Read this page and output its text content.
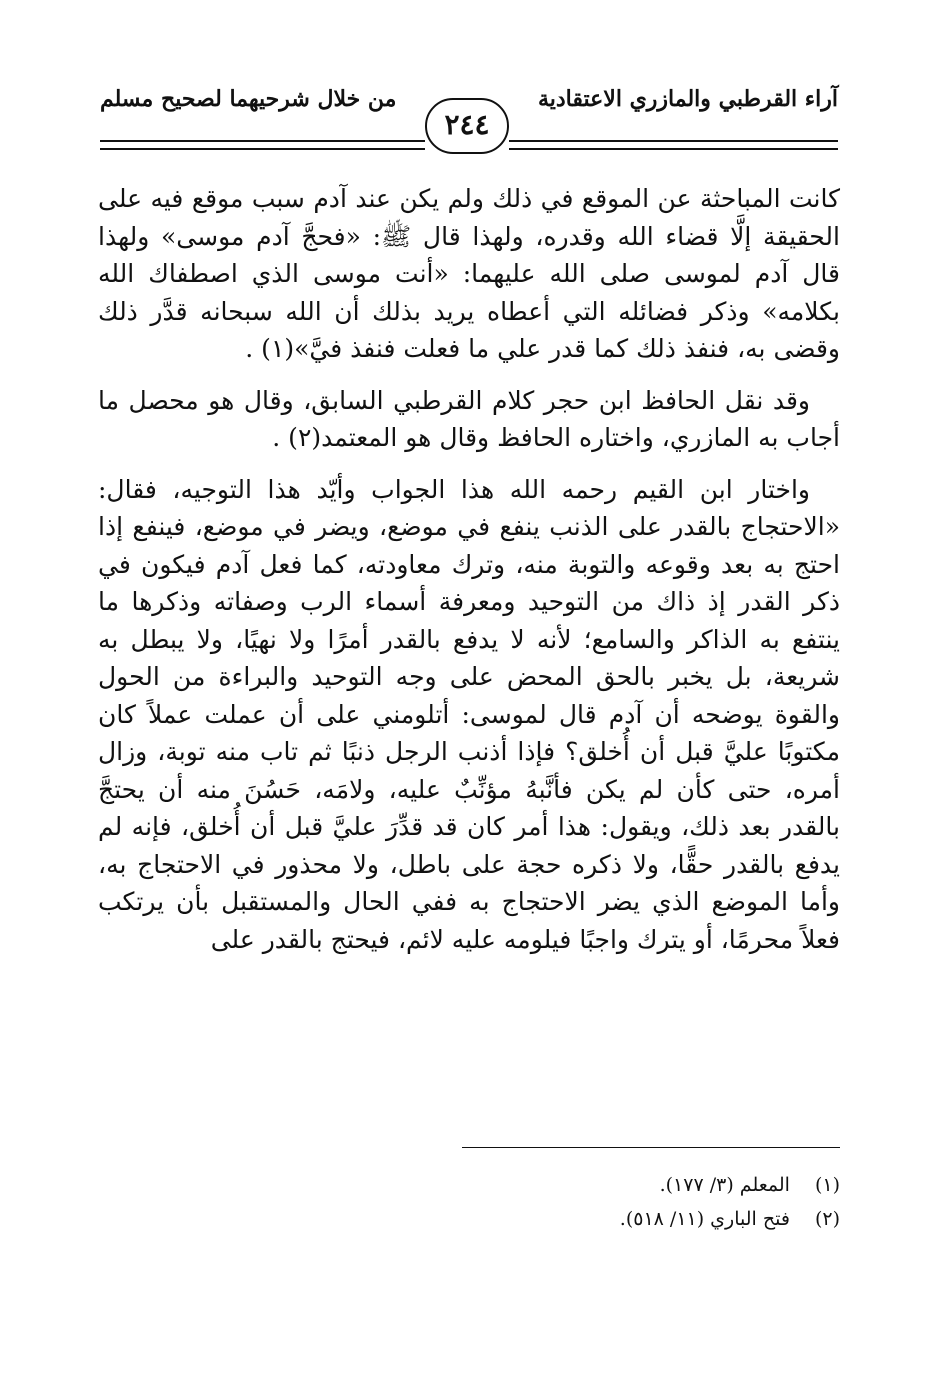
آراء القرطبي والمازري الاعتقادية
من خلال شرحيهما لصحيح مسلم
٢٤٤

كانت المباحثة عن الموقع في ذلك ولم يكن عند آدم سبب موقع فيه على الحقيقة إلَّا قضاء الله وقدره، ولهذا قال ﷺ: «فحجَّ آدم موسى» ولهذا قال آدم لموسى صلى الله عليهما: «أنت موسى الذي اصطفاك الله بكلامه» وذكر فضائله التي أعطاه يريد بذلك أن الله سبحانه قدَّر ذلك وقضى به، فنفذ ذلك كما قدر علي ما فعلت فنفذ فيَّ»(١) .

وقد نقل الحافظ ابن حجر كلام القرطبي السابق، وقال هو محصل ما أجاب به المازري، واختاره الحافظ وقال هو المعتمد(٢) .

واختار ابن القيم رحمه الله هذا الجواب وأيّد هذا التوجيه، فقال: «الاحتجاج بالقدر على الذنب ينفع في موضع، ويضر في موضع، فينفع إذا احتج به بعد وقوعه والتوبة منه، وترك معاودته، كما فعل آدم فيكون في ذكر القدر إذ ذاك من التوحيد ومعرفة أسماء الرب وصفاته وذكرها ما ينتفع به الذاكر والسامع؛ لأنه لا يدفع بالقدر أمرًا ولا نهيًا، ولا يبطل به شريعة، بل يخبر بالحق المحض على وجه التوحيد والبراءة من الحول والقوة يوضحه أن آدم قال لموسى: أتلومني على أن عملت عملاً كان مكتوبًا عليَّ قبل أن أُخلق؟ فإذا أذنب الرجل ذنبًا ثم تاب منه توبة، وزال أمره، حتى كأن لم يكن فأنَّبهُ مؤنِّبٌ عليه، ولامَه، حَسُنَ منه أن يحتجَّ بالقدر بعد ذلك، ويقول: هذا أمر كان قد قدِّرَ عليَّ قبل أن أُخلق، فإنه لم يدفع بالقدر حقًّا، ولا ذكره حجة على باطل، ولا محذور في الاحتجاج به، وأما الموضع الذي يضر الاحتجاج به ففي الحال والمستقبل بأن يرتكب فعلاً محرمًا، أو يترك واجبًا فيلومه عليه لائم، فيحتج بالقدر على

(١) المعلم (٣/ ١٧٧).
(٢) فتح الباري (١١/ ٥١٨).
